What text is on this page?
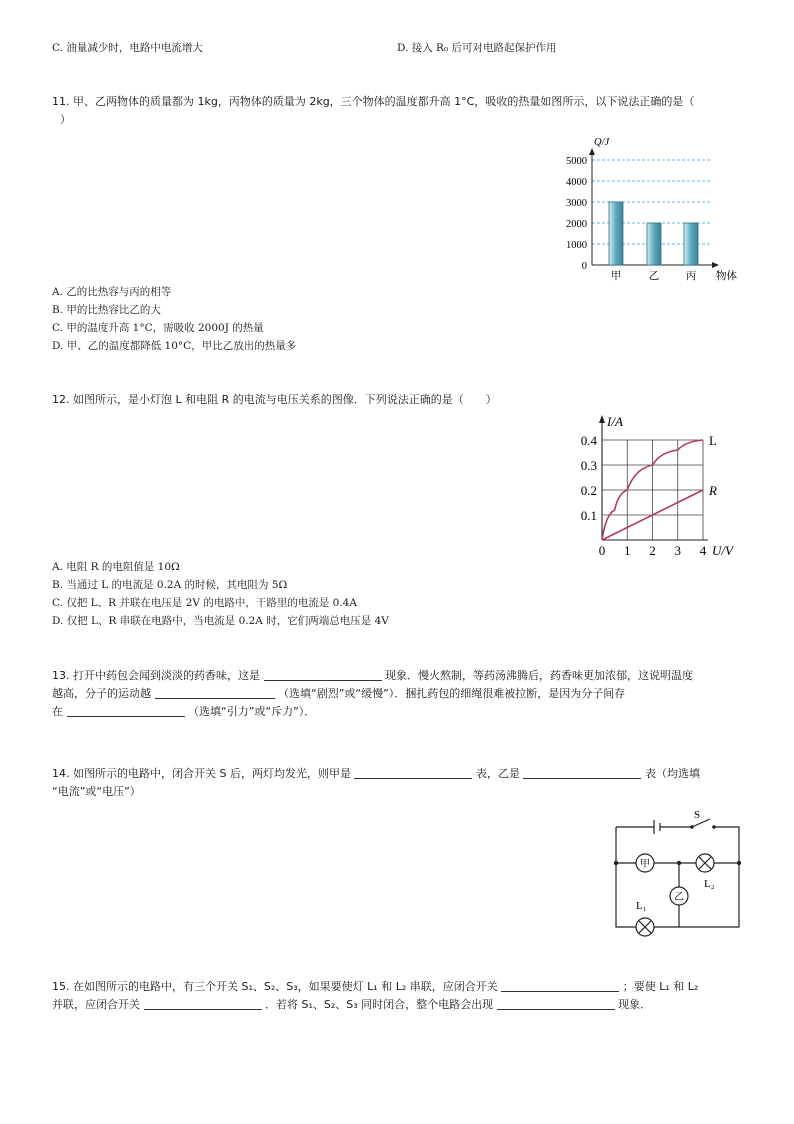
C. 油量减少时，电路中电流增大	D. 接入 R₀ 后可对电路起保护作用
11. 甲、乙两物体的质量都为 1kg，丙物体的质量为 2kg，三个物体的温度都升高 1°C，吸收的热量如图所示，以下说法正确的是（
）
0
1000
2000
3000
4000
5000
Q/J
物体
甲	乙	丙
A. 乙的比热容与丙的相等
B. 甲的比热容比乙的大
C. 甲的温度升高 1°C，需吸收 2000J 的热量
D. 甲、乙的温度都降低 10°C，甲比乙放出的热量多
12. 如图所示，是小灯泡 L 和电阻 R 的电流与电压关系的图像．下列说法正确的是（　　）
0 1 2 3 4
0.1
0.2
0.3
0.4
I/A
U/V
L
R
A. 电阻 R 的电阻值是 10Ω
B. 当通过 L 的电流是 0.2A 的时候，其电阻为 5Ω
C. 仅把 L、R 并联在电压是 2V 的电路中，干路里的电流是 0.4A
D. 仅把 L、R 串联在电路中，当电流是 0.2A 时，它们两端总电压是 4V
13. 打开中药包会闻到淡淡的药香味，这是	现象．慢火熬制，等药汤沸腾后，药香味更加浓郁，这说明温度
越高，分子的运动越	（选填“剧烈”或“缓慢”）．捆扎药包的细绳很难被拉断，是因为分子间存
在	（选填“引力”或“斥力”）．
14. 如图所示的电路中，闭合开关 S 后，两灯均发光，则甲是	表，乙是	表（均选填
“电流”或“电压”）
甲
L₂
乙
L₁
S
15. 在如图所示的电路中，有三个开关 S₁、S₂、S₃，如果要使灯 L₁ 和 L₂ 串联，应闭合开关	；要使 L₁ 和 L₂
并联，应闭合开关	．若将 S₁、S₂、S₃ 同时闭合，整个电路会出现	现象．
